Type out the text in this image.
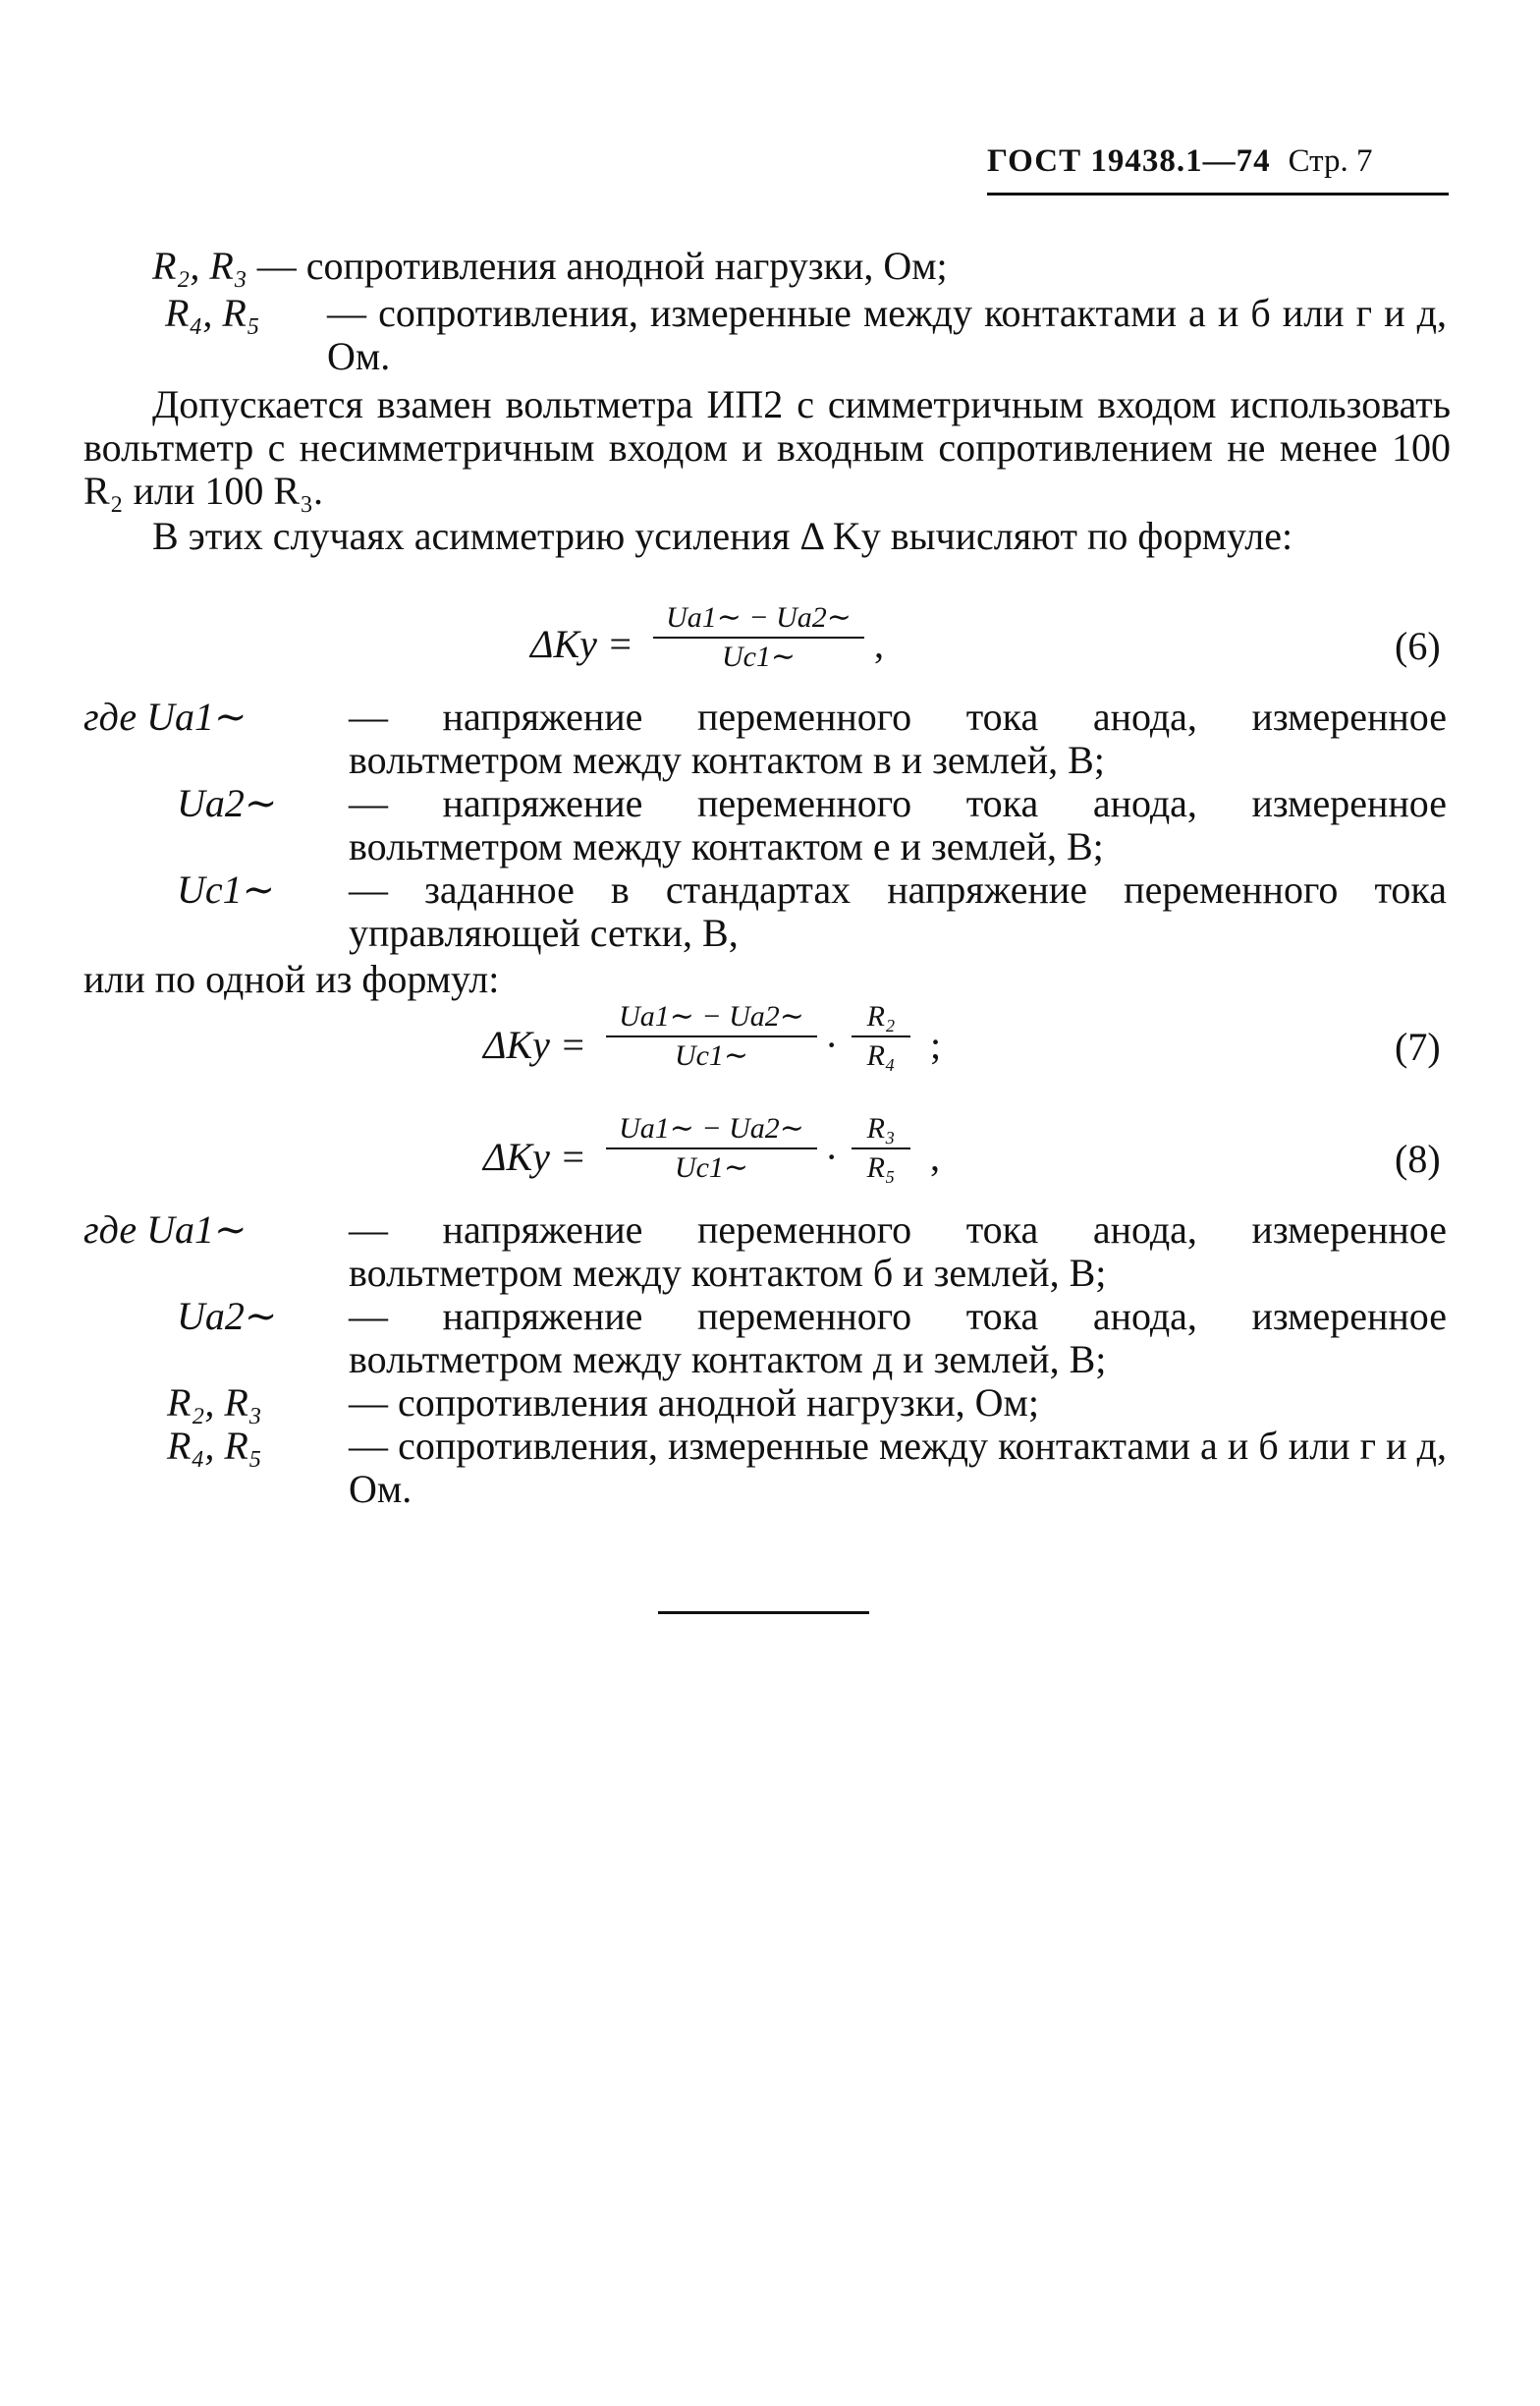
ГОСТ 19438.1—74 Стр. 7
R₂, R₃ — сопротивления анодной нагрузки, Ом;
R₄, R₅	— сопротивления, измеренные между контактами а и б или г и д, Ом.
Допускается взамен вольтметра ИП2 с симметричным входом использовать вольтметр с несимметричным входом и входным сопротивлением не менее 100 R₂ или 100 R₃.
В этих случаях асимметрию усиления Δ Kу вычисляют по формуле:
ΔKу =
Ua1∼ − Ua2∼
Uc1∼	,	(6)
где Ua1∼	— напряжение переменного тока анода, измеренное вольтметром между контактом в и землей, В;
Ua2∼	— напряжение переменного тока анода, измеренное вольтметром между контактом е и землей, В;
Uc1∼	— заданное в стандартах напряжение переменного тока управляющей сетки, В,
или по одной из формул:
ΔKу =
Ua1∼ − Ua2∼
Uc1∼	·
R₂
R₄ ;	(7)
ΔKу =
Ua1∼ − Ua2∼
Uc1∼	·
R₃
R₅ ,	(8)
где Ua1∼	— напряжение переменного тока анода, измеренное вольтметром между контактом б и землей, В;
Ua2∼	— напряжение переменного тока анода, измеренное вольтметром между контактом д и землей, В;
R₂, R₃	— сопротивления анодной нагрузки, Ом;
R₄, R₅	— сопротивления, измеренные между контактами а и б или г и д, Ом.
